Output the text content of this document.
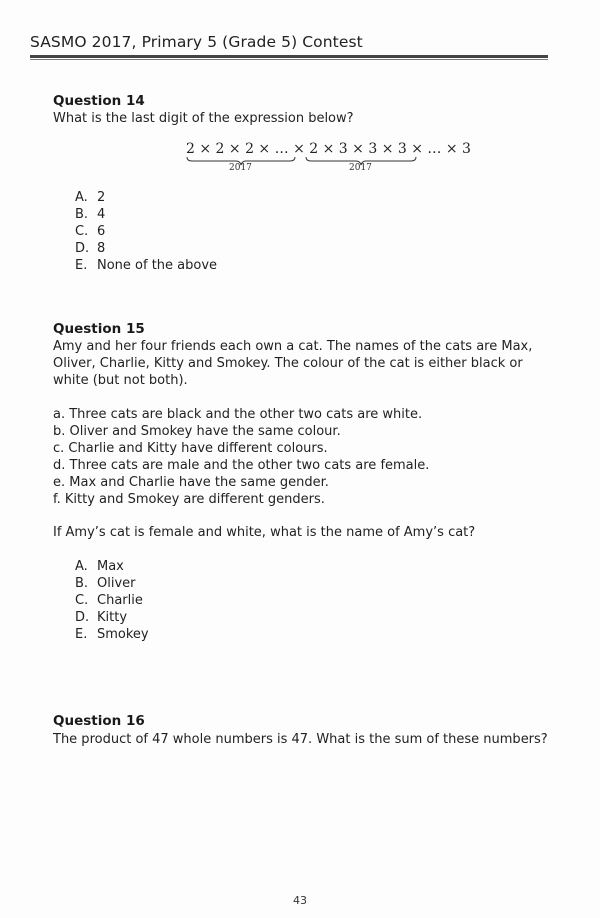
SASMO 2017, Primary 5 (Grade 5) Contest
Question 14
What is the last digit of the expression below?
2 × 2 × 2 × … × 2 × 3 × 3 × 3 × … × 3
2017	2017
A. 2
B. 4
C. 6
D. 8
E. None of the above
Question 15

Amy and her four friends each own a cat. The names of the cats are Max, Oliver, Charlie, Kitty and Smokey. The colour of the cat is either black or white (but not both).

a. Three cats are black and the other two cats are white.
b. Oliver and Smokey have the same colour.
c. Charlie and Kitty have different colours.
d. Three cats are male and the other two cats are female.
e. Max and Charlie have the same gender.
f. Kitty and Smokey are different genders.
If Amy’s cat is female and white, what is the name of Amy’s cat?
A. Max
B. Oliver
C. Charlie
D. Kitty
E. Smokey
Question 16
The product of 47 whole numbers is 47. What is the sum of these numbers?
43
